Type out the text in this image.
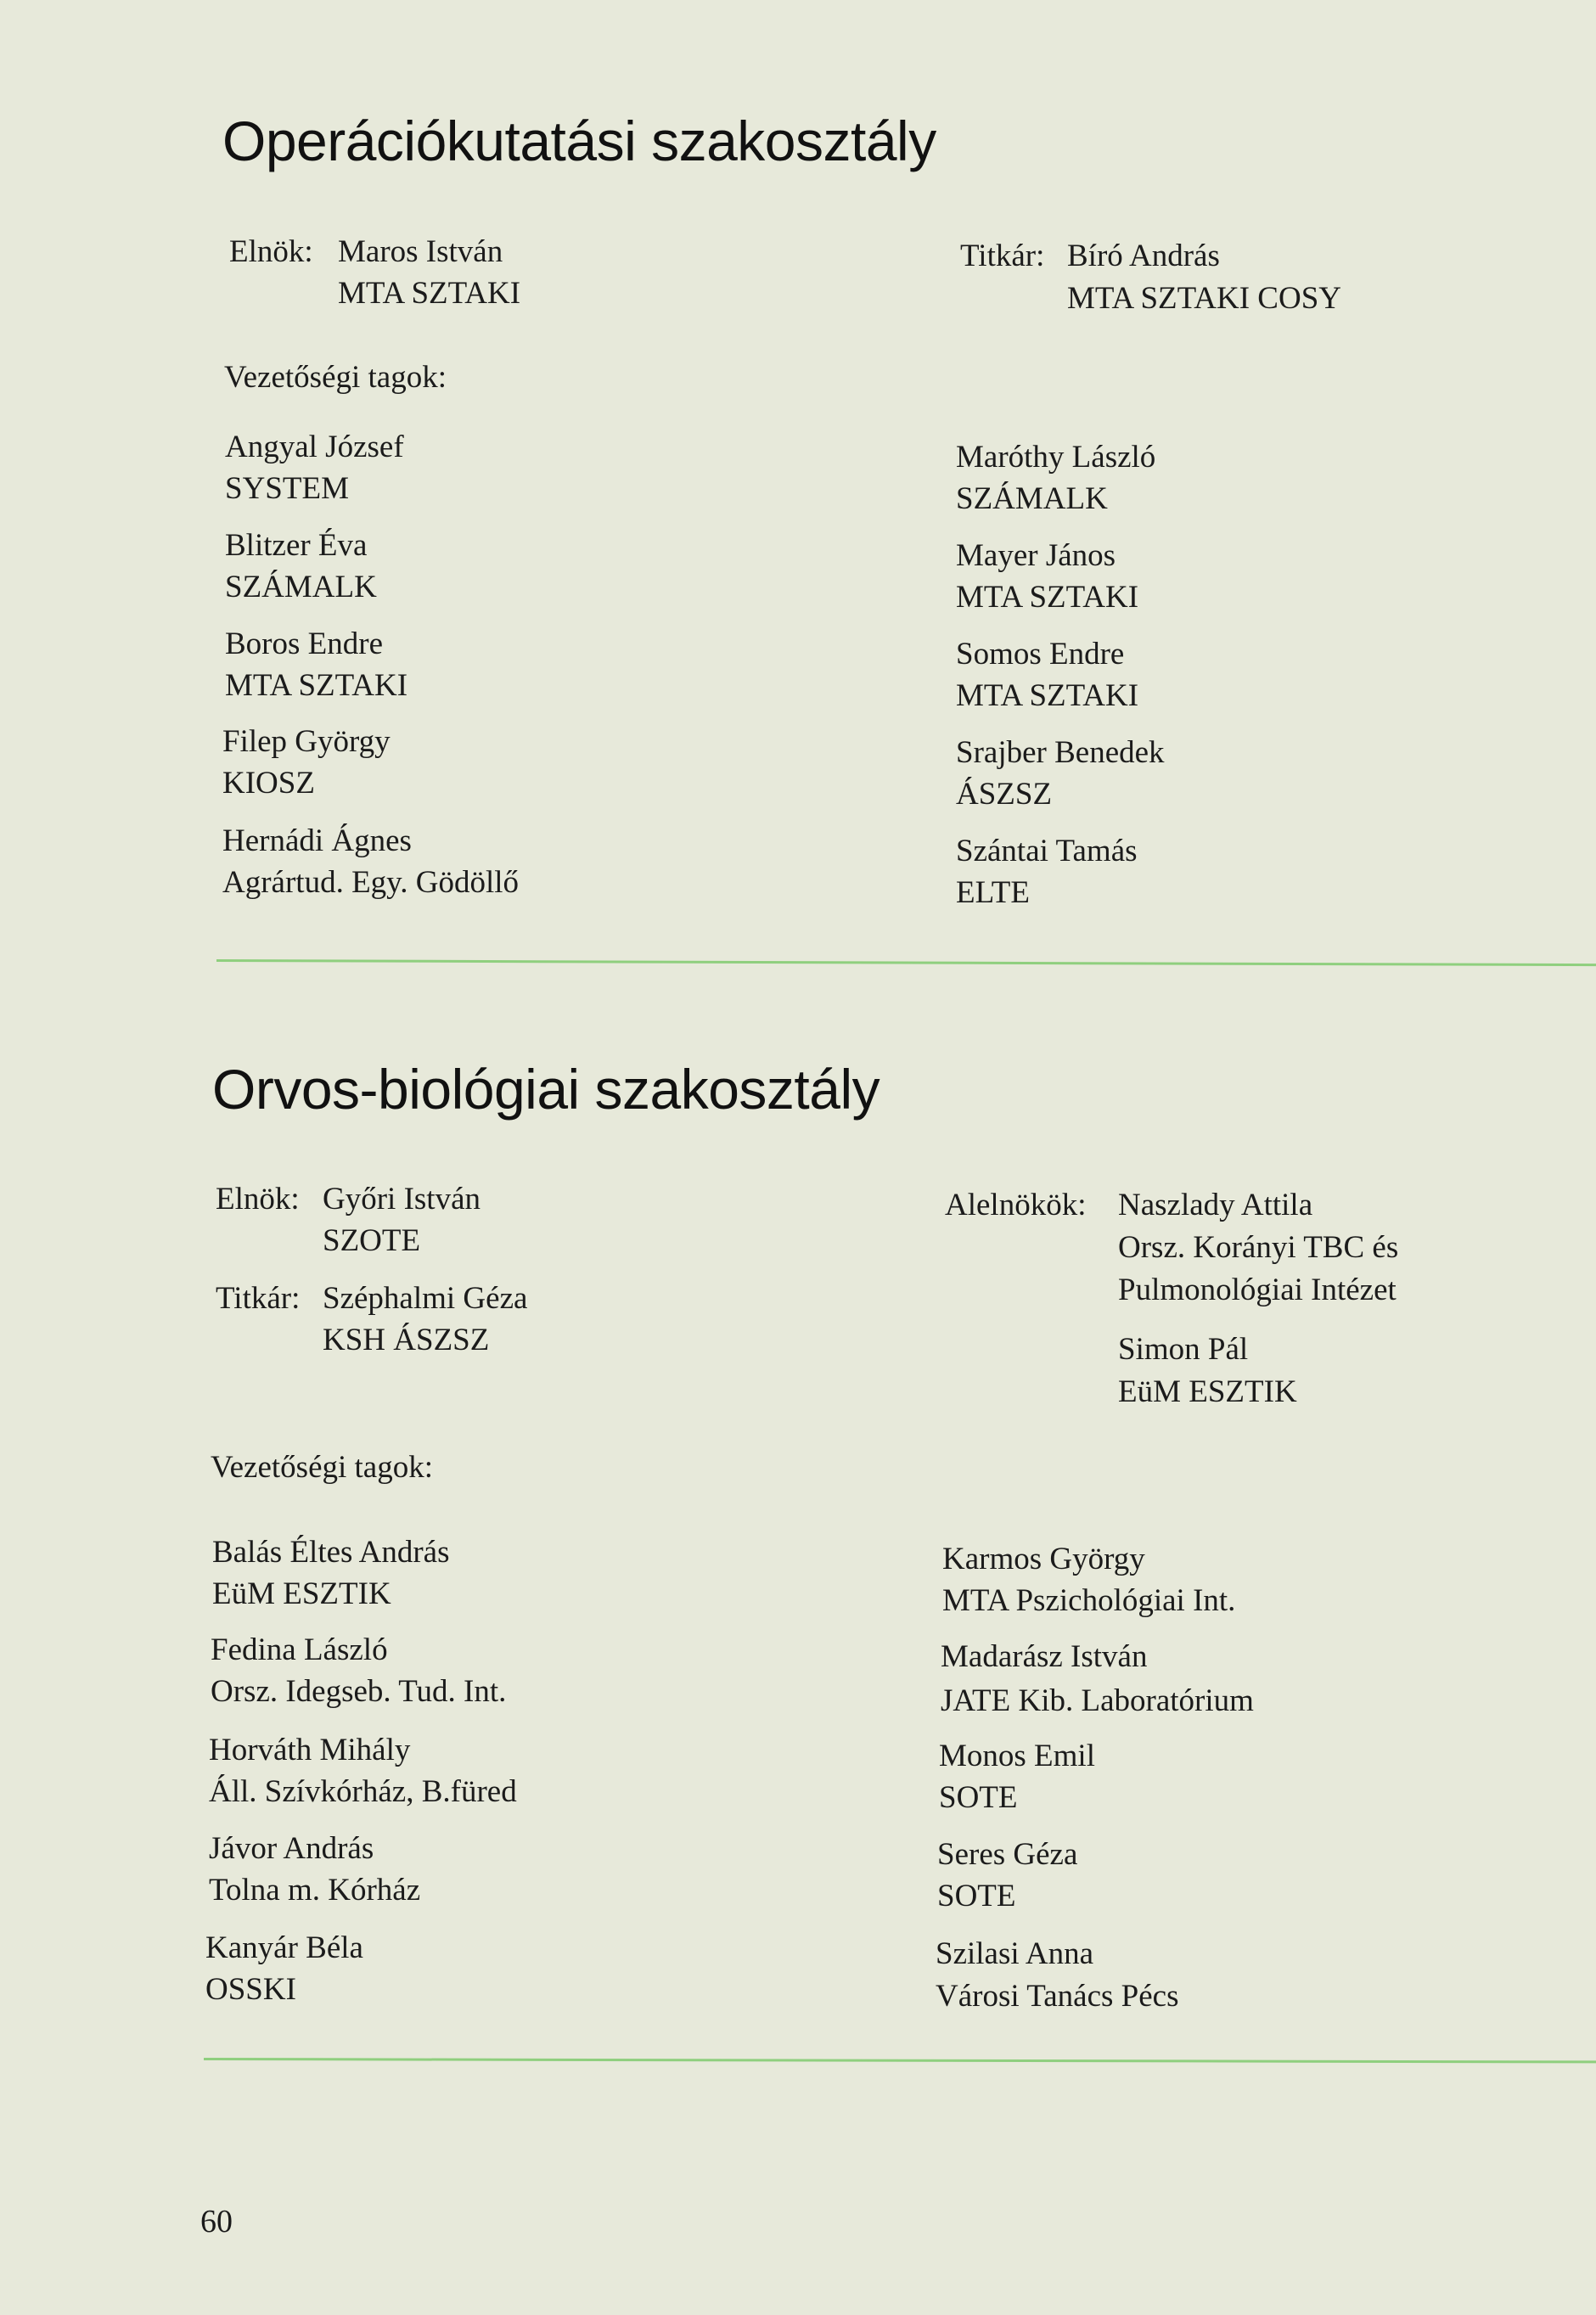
Operációkutatási szakosztály
Elnök: Maros István
MTA SZTAKI
Titkár: Bíró András
MTA SZTAKI COSY
Vezetőségi tagok:
Angyal József
SYSTEM
Blitzer Éva
SZÁMALK
Boros Endre
MTA SZTAKI
Filep György
KIOSZ
Hernádi Ágnes
Agrártud. Egy. Gödöllő
Maróthy László
SZÁMALK
Mayer János
MTA SZTAKI
Somos Endre
MTA SZTAKI
Srajber Benedek
ÁSZSZ
Szántai Tamás
ELTE
Orvos-biológiai szakosztály
Elnök: Győri István
SZOTE
Titkár: Széphalmi Géza
KSH ÁSZSZ
Alelnökök: Naszlady Attila
Orsz. Korányi TBC és
Pulmonológiai Intézet
Simon Pál
EüM ESZTIK
Vezetőségi tagok:
Balás Éltes András
EüM ESZTIK
Fedina László
Orsz. Idegseb. Tud. Int.
Horváth Mihály
Áll. Szívkórház, B.füred
Jávor András
Tolna m. Kórház
Kanyár Béla
OSSKI
Karmos György
MTA Pszichológiai Int.
Madarász István
JATE Kib. Laboratórium
Monos Emil
SOTE
Seres Géza
SOTE
Szilasi Anna
Városi Tanács Pécs
60
